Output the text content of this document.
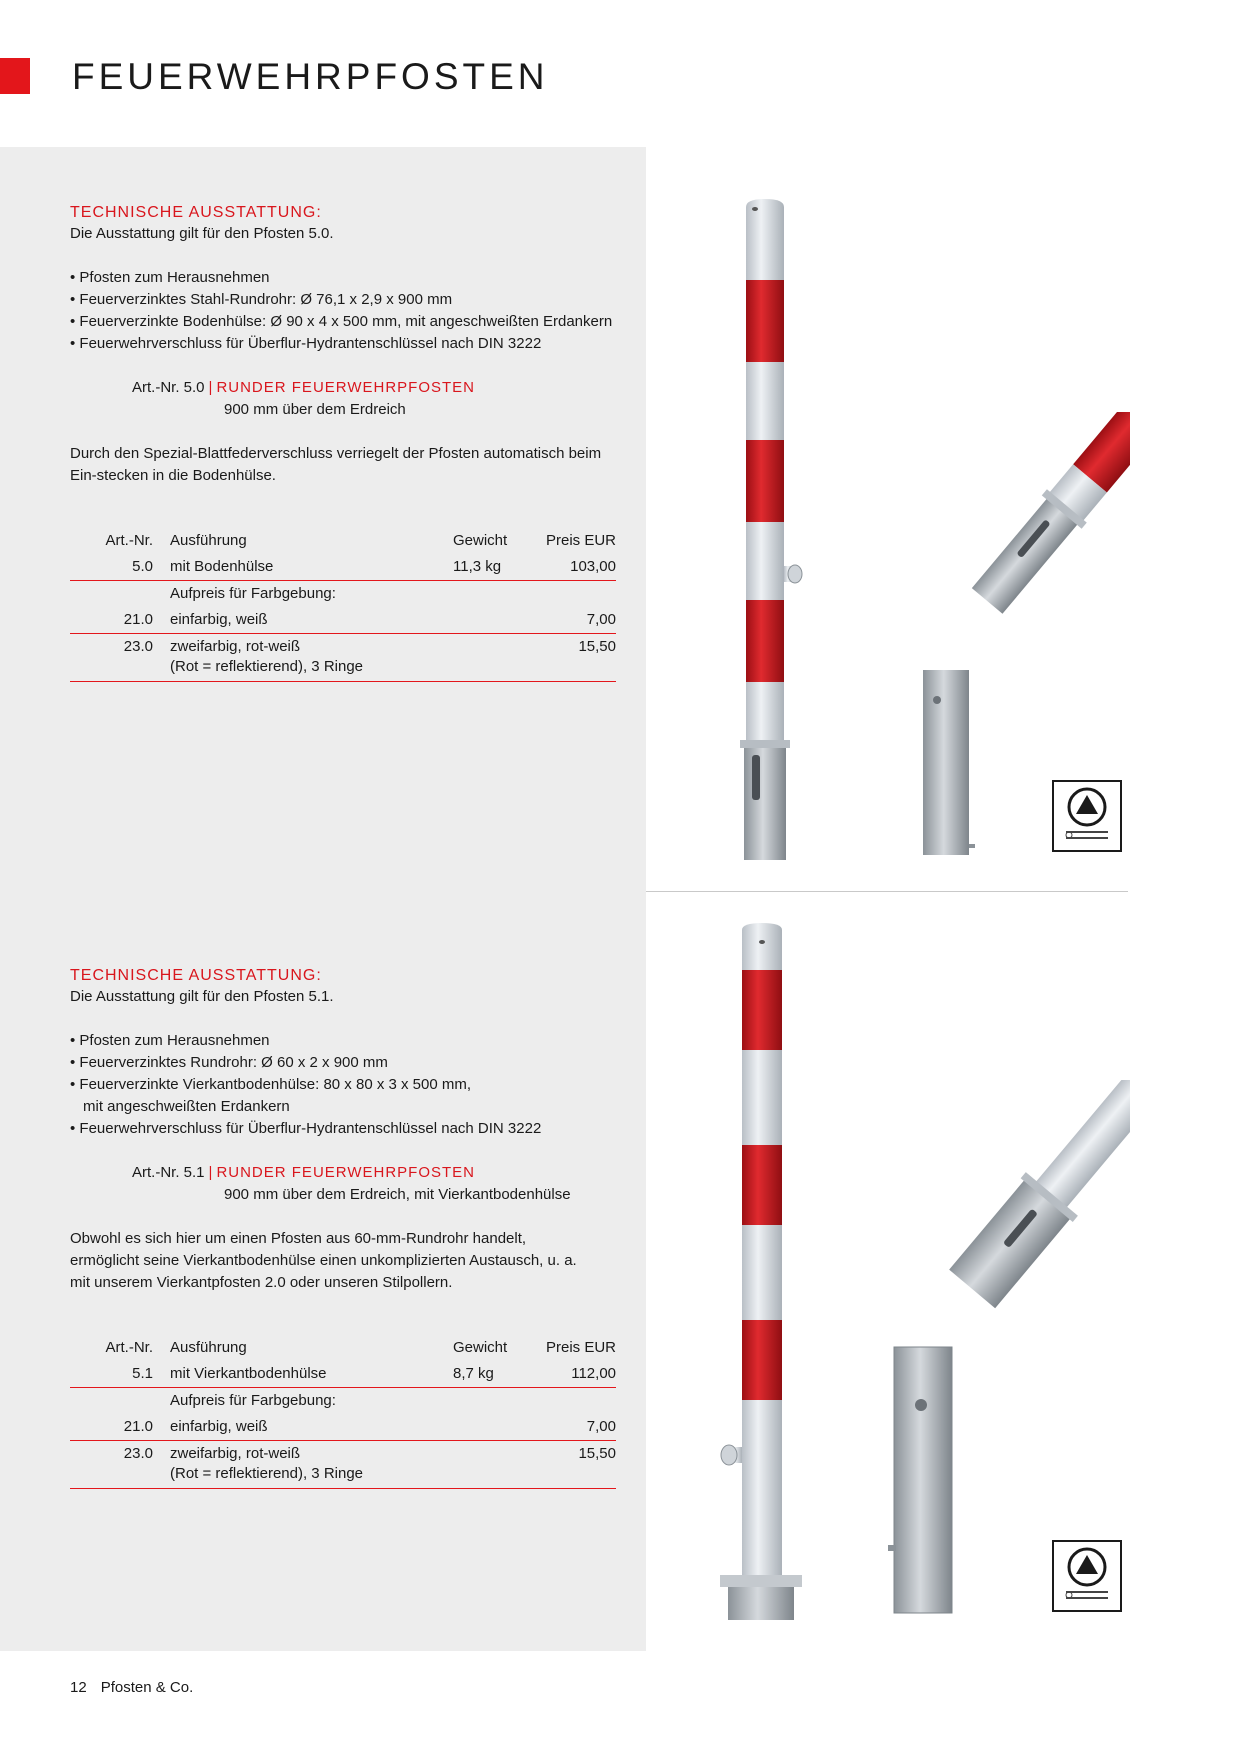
FEUERWEHRPFOSTEN
TECHNISCHE AUSSTATTUNG:
Die Ausstattung gilt für den Pfosten 5.0.
• Pfosten zum Herausnehmen
• Feuerverzinktes Stahl-Rundrohr: Ø 76,1 x 2,9 x 900 mm
• Feuerverzinkte Bodenhülse: Ø 90 x 4 x 500 mm, mit angeschweißten Erdankern
• Feuerwehrverschluss für Überflur-Hydrantenschlüssel nach DIN 3222
Art.-Nr. 5.0 | RUNDER FEUERWEHRPFOSTEN
900 mm über dem Erdreich
Durch den Spezial-Blattfederverschluss verriegelt der Pfosten automatisch beim Ein-stecken in die Bodenhülse.
Art.-Nr.	Ausführung	Gewicht	Preis EUR
5.0	mit Bodenhülse	11,3 kg	103,00
	Aufpreis für Farbgebung:		
21.0	einfarbig, weiß		7,00
23.0	zweifarbig, rot-weiß
(Rot = reflektierend), 3 Ringe		15,50
TECHNISCHE AUSSTATTUNG:
Die Ausstattung gilt für den Pfosten 5.1.
• Pfosten zum Herausnehmen
• Feuerverzinktes Rundrohr: Ø 60 x 2 x 900 mm
• Feuerverzinkte Vierkantbodenhülse: 80 x 80 x 3 x 500 mm, mit angeschweißten Erdankern
• Feuerwehrverschluss für Überflur-Hydrantenschlüssel nach DIN 3222
Art.-Nr. 5.1 | RUNDER FEUERWEHRPFOSTEN
900 mm über dem Erdreich, mit Vierkantbodenhülse
Obwohl es sich hier um einen Pfosten aus 60-mm-Rundrohr handelt, ermöglicht seine Vierkantbodenhülse einen unkomplizierten Austausch, u. a. mit unserem Vierkantpfosten 2.0 oder unseren Stilpollern.
Art.-Nr.	Ausführung	Gewicht	Preis EUR
5.1	mit Vierkantbodenhülse	8,7 kg	112,00
	Aufpreis für Farbgebung:		
21.0	einfarbig, weiß		7,00
23.0	zweifarbig, rot-weiß
(Rot = reflektierend), 3 Ringe		15,50
12 Pfosten & Co.
